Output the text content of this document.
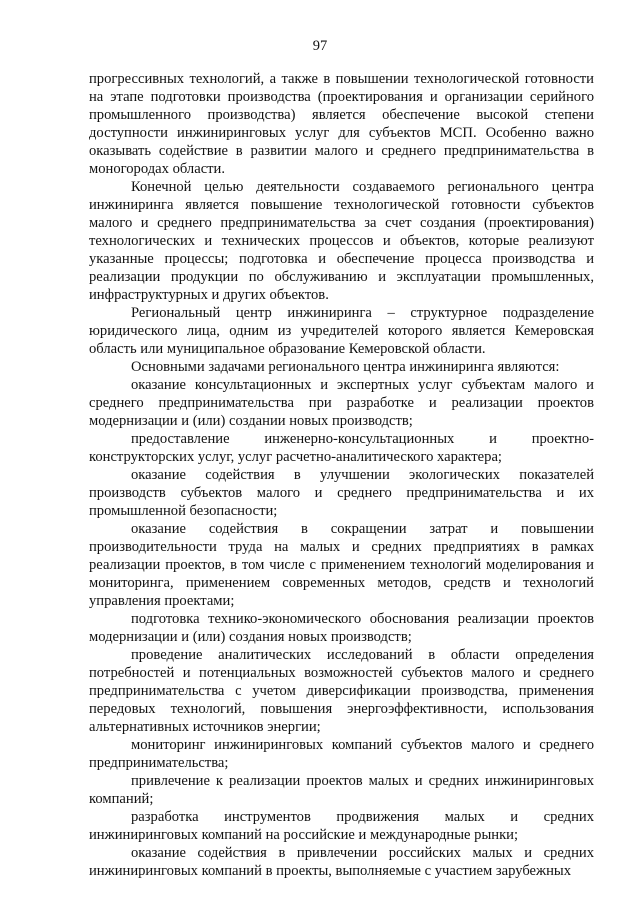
97

прогрессивных технологий, а также в повышении технологической готовности на этапе подготовки производства (проектирования и организации серийного промышленного производства) является обеспечение высокой степени доступности инжиниринговых услуг для субъектов МСП. Особенно важно оказывать содействие в развитии малого и среднего предпринимательства в моногородах области.

Конечной целью деятельности создаваемого регионального центра инжиниринга является повышение технологической готовности субъектов малого и среднего предпринимательства за счет создания (проектирования) технологических и технических процессов и объектов, которые реализуют указанные процессы; подготовка и обеспечение процесса производства и реализации продукции по обслуживанию и эксплуатации промышленных, инфраструктурных и других объектов.

Региональный центр инжиниринга – структурное подразделение юридического лица, одним из учредителей которого является Кемеровская область или муниципальное образование Кемеровской области.

Основными задачами регионального центра инжиниринга являются:

оказание консультационных и экспертных услуг субъектам малого и среднего предпринимательства при разработке и реализации проектов модернизации и (или) создании новых производств;

предоставление инженерно-консультационных и проектно-конструкторских услуг, услуг расчетно-аналитического характера;

оказание содействия в улучшении экологических показателей производств субъектов малого и среднего предпринимательства и их промышленной безопасности;

оказание содействия в сокращении затрат и повышении производительности труда на малых и средних предприятиях в рамках реализации проектов, в том числе с применением технологий моделирования и мониторинга, применением современных методов, средств и технологий управления проектами;

подготовка технико-экономического обоснования реализации проектов модернизации и (или) создания новых производств;

проведение аналитических исследований в области определения потребностей и потенциальных возможностей субъектов малого и среднего предпринимательства с учетом диверсификации производства, применения передовых технологий, повышения энергоэффективности, использования альтернативных источников энергии;

мониторинг инжиниринговых компаний субъектов малого и среднего предпринимательства;

привлечение к реализации проектов малых и средних инжиниринговых компаний;

разработка инструментов продвижения малых и средних инжиниринговых компаний на российские и международные рынки;

оказание содействия в привлечении российских малых и средних инжиниринговых компаний в проекты, выполняемые с участием зарубежных
